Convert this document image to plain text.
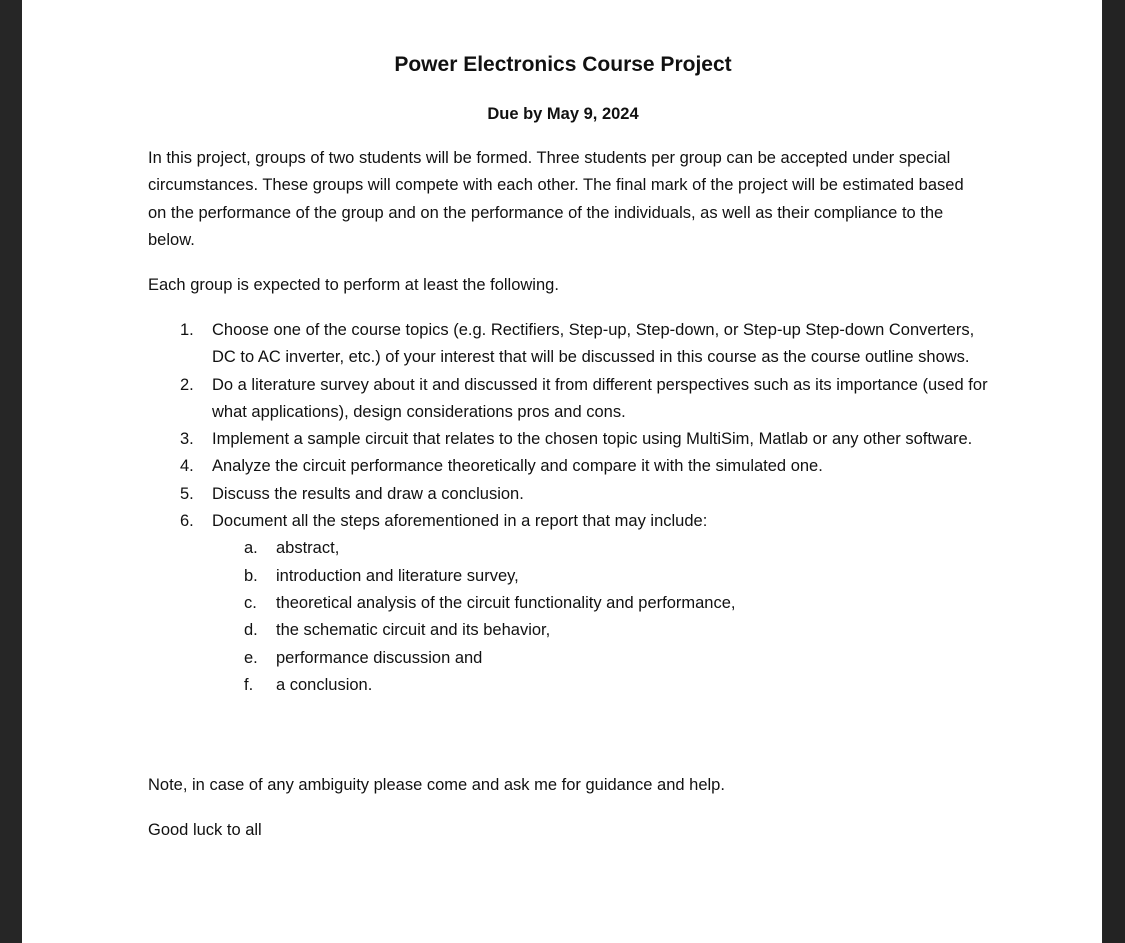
Power Electronics Course Project
Due by May 9, 2024

In this project, groups of two students will be formed. Three students per group can be accepted under special circumstances. These groups will compete with each other. The final mark of the project will be estimated based on the performance of the group and on the performance of the individuals, as well as their compliance to the below.

Each group is expected to perform at least the following.

1. Choose one of the course topics (e.g. Rectifiers, Step-up, Step-down, or Step-up Step-down Converters, DC to AC inverter, etc.) of your interest that will be discussed in this course as the course outline shows.
2. Do a literature survey about it and discussed it from different perspectives such as its importance (used for what applications), design considerations pros and cons.
3. Implement a sample circuit that relates to the chosen topic using MultiSim, Matlab or any other software.
4. Analyze the circuit performance theoretically and compare it with the simulated one.
5. Discuss the results and draw a conclusion.
6. Document all the steps aforementioned in a report that may include:
a. abstract,
b. introduction and literature survey,
c. theoretical analysis of the circuit functionality and performance,
d. the schematic circuit and its behavior,
e. performance discussion and
f. a conclusion.

Note, in case of any ambiguity please come and ask me for guidance and help.

Good luck to all
